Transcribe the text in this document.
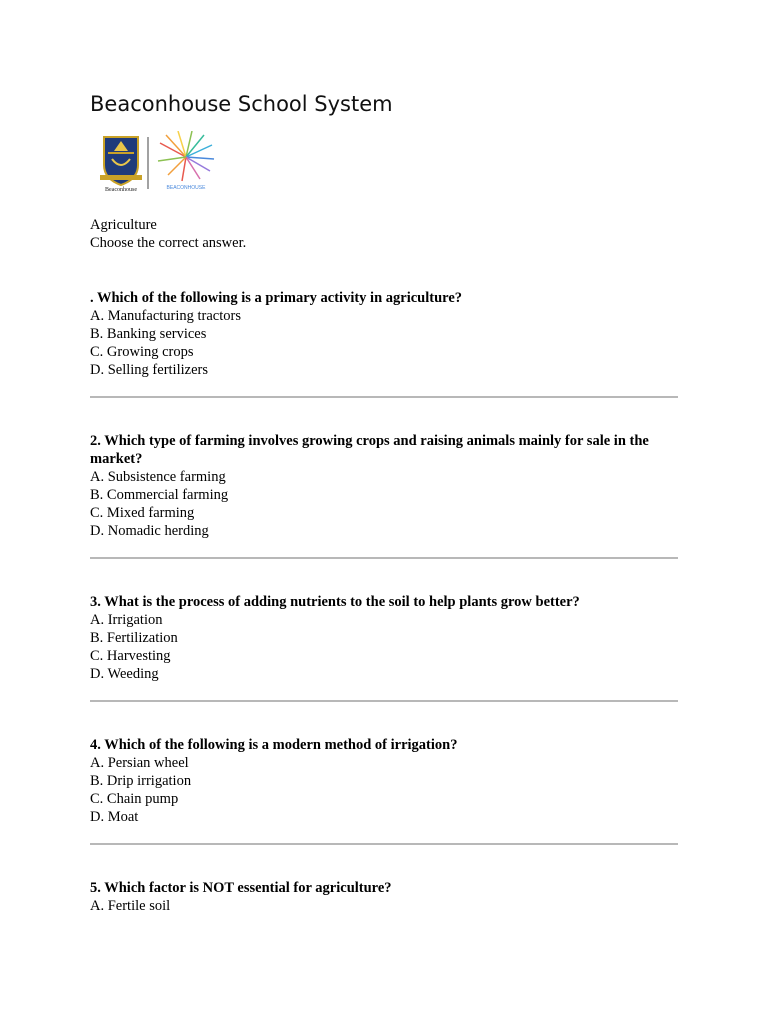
Beaconhouse School System
Beaconhouse	BEACONHOUSE
Agriculture
Choose the correct answer.

. Which of the following is a primary activity in agriculture?

A. Manufacturing tractors

B. Banking services

C. Growing crops

D. Selling fertilizers

2. Which type of farming involves growing crops and raising animals mainly for sale in the market?

A. Subsistence farming

B. Commercial farming

C. Mixed farming

D. Nomadic herding

3. What is the process of adding nutrients to the soil to help plants grow better?

A. Irrigation

B. Fertilization

C. Harvesting

D. Weeding

4. Which of the following is a modern method of irrigation?

A. Persian wheel

B. Drip irrigation

C. Chain pump

D. Moat

5. Which factor is NOT essential for agriculture?

A. Fertile soil
